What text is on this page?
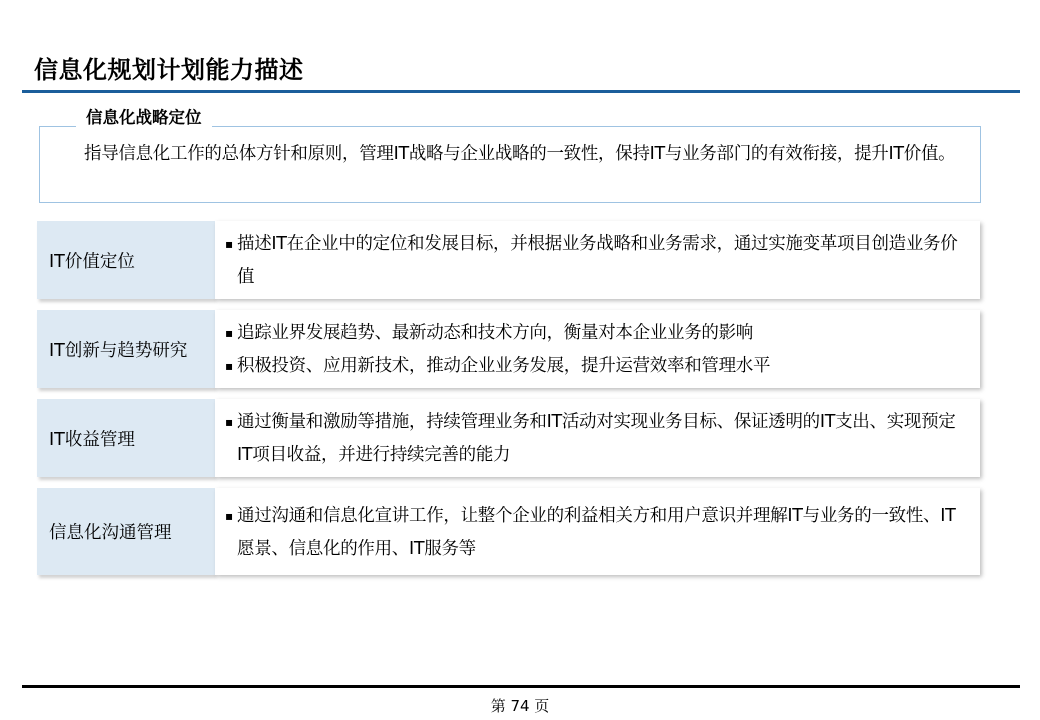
信息化规划计划能力描述
信息化战略定位
指导信息化工作的总体方针和原则，管理IT战略与企业战略的一致性，保持IT与业务部门的有效衔接，提升IT价值。
IT价值定位
▪ 描述IT在企业中的定位和发展目标，并根据业务战略和业务需求，通过实施变革项目创造业务价值
IT创新与趋势研究
▪ 追踪业界发展趋势、最新动态和技术方向，衡量对本企业业务的影响
▪ 积极投资、应用新技术，推动企业业务发展，提升运营效率和管理水平
IT收益管理
▪ 通过衡量和激励等措施，持续管理业务和IT活动对实现业务目标、保证透明的IT支出、实现预定IT项目收益，并进行持续完善的能力
信息化沟通管理
▪ 通过沟通和信息化宣讲工作，让整个企业的利益相关方和用户意识并理解IT与业务的一致性、IT愿景、信息化的作用、IT服务等
第 74 页
